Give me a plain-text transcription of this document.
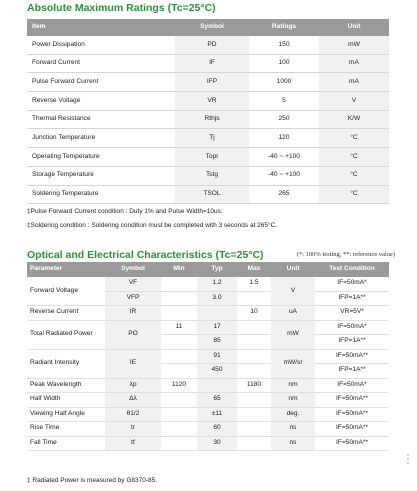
Absolute Maximum Ratings (Tc=25°C)
Item	Symbol	Ratings	Unit
Power Dissipation	PD	150	mW
Forward Current	IF	100	mA
Pulse Forward Current	IFP	1000	mA
Reverse Voltage	VR	5	V
Thermal Resistance	Rthjs	250	K/W
Junction Temperature	Tj	120	°C
Operating Temperature	Topr	-40 ~ +100	°C
Storage Temperature	Tstg	-40 ~ +100	°C
Soldering Temperature	TSOL	265	°C
‡Pulse Forward Current condition : Duty 1% and Pulse Width=10us.
‡Soldering condition : Soldering condition must be completed with 3 seconds at 265°C.
Optical and Electrical Characteristics (Tc=25°C)	(*: 100% testing, **: reference value)
Parameter	Symbol	Min	Typ	Max	Unit	Test Condition
Forward Voltage	VF		1.2	1.5	V	IF=50mA*
	VFP		3.0			IFP=1A**
Reverse Current	IR			10	uA	VR=5V*
Total Radiated Power	PO	11	17		mW	IF=50mA*
			85			IFP=1A**
Radiant Intensity	IE		91		mW/sr	IF=50mA**
			450			IFP=1A**
Peak Wavelength	λp	1120		1180	nm	IF=50mA*
Half Width	Δλ		65		nm	IF=50mA**
Viewing Half Angle	θ1/2		±11		deg.	IF=50mA**
Rise Time	tr		60		ns	IF=50mA**
Fall Time	tf		30		ns	IF=50mA**
‡ Radiated Power is measured by G8370-85.
